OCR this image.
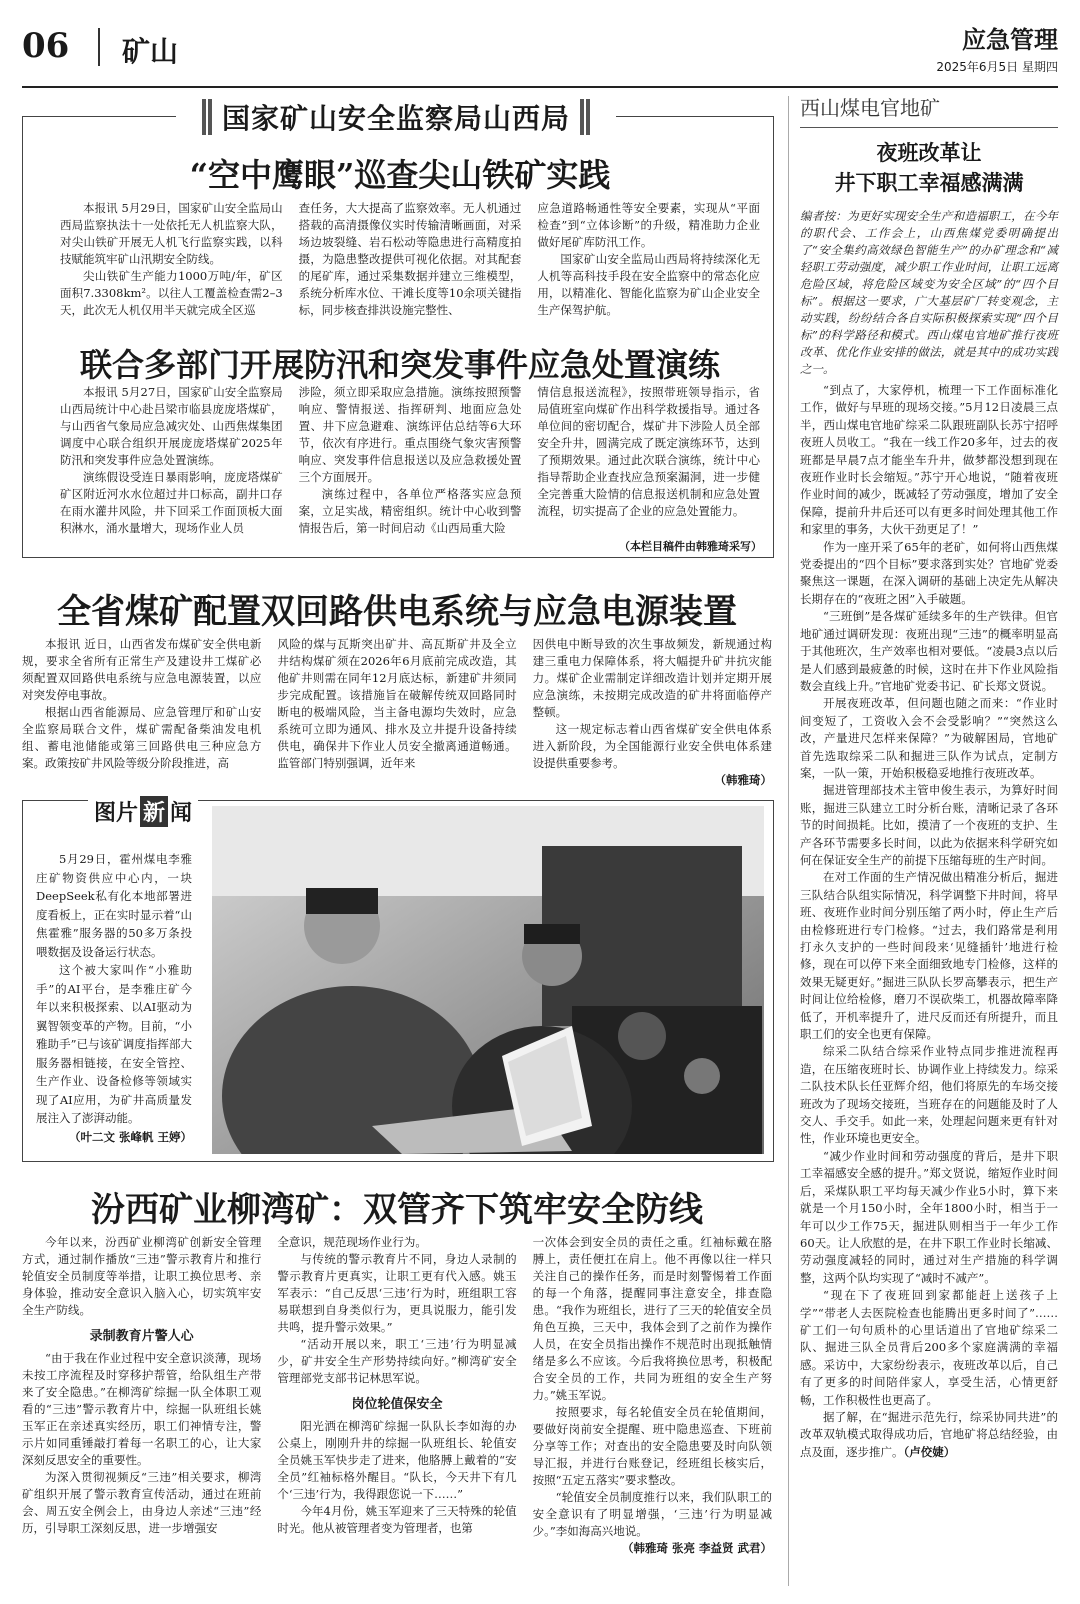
06 矿山	应急管理
2025年6月5日 星期四
国家矿山安全监察局山西局
“空中鹰眼”巡查尖山铁矿实践

本报讯 5月29日，国家矿山安全监局山西局监察执法十一处依托无人机监察大队，对尖山铁矿开展无人机飞行监察实践，以科技赋能筑牢矿山汛期安全防线。

尖山铁矿生产能力1000万吨/年，矿区面积7.3308km²。以往人工覆盖检查需2–3天，此次无人机仅用半天就完成全区巡

查任务，大大提高了监察效率。无人机通过搭载的高清摄像仪实时传输清晰画面，对采场边坡裂缝、岩石松动等隐患进行高精度拍摄，为隐患整改提供可视化依据。对其配套的尾矿库，通过采集数据并建立三维模型，系统分析库水位、干滩长度等10余项关键指标，同步核查排洪设施完整性、

应急道路畅通性等安全要素，实现从“平面检查”到“立体诊断”的升级，精准助力企业做好尾矿库防汛工作。

国家矿山安全监局山西局将持续深化无人机等高科技手段在安全监察中的常态化应用，以精准化、智能化监察为矿山企业安全生产保驾护航。

联合多部门开展防汛和突发事件应急处置演练

本报讯 5月27日，国家矿山安全监察局山西局统计中心赴吕梁市临县庞庞塔煤矿，与山西省气象局应急减灾处、山西焦煤集团调度中心联合组织开展庞庞塔煤矿2025年防汛和突发事件应急处置演练。

演练假设受连日暴雨影响，庞庞塔煤矿矿区附近河水水位超过井口标高，副井口存在雨水灌井风险，井下回采工作面顶板大面积淋水，涌水量增大，现场作业人员

涉险，须立即采取应急措施。演练按照预警响应、警情报送、指挥研判、地面应急处置、井下应急避难、演练评估总结等6大环节，依次有序进行。重点围绕气象灾害预警响应、突发事件信息报送以及应急救援处置三个方面展开。

演练过程中，各单位严格落实应急预案，立足实战，精密组织。统计中心收到警情报告后，第一时间启动《山西局重大险

情信息报送流程》，按照带班领导指示，省局值班室向煤矿作出科学救援指导。通过各单位间的密切配合，煤矿井下涉险人员全部安全升井，圆满完成了既定演练环节，达到了预期效果。通过此次联合演练，统计中心指导帮助企业查找应急预案漏洞，进一步健全完善重大险情的信息报送机制和应急处置流程，切实提高了企业的应急处置能力。

（本栏目稿件由韩雅琦采写）
全省煤矿配置双回路供电系统与应急电源装置

本报讯 近日，山西省发布煤矿安全供电新规，要求全省所有正常生产及建设井工煤矿必须配置双回路供电系统与应急电源装置，以应对突发停电事故。

根据山西省能源局、应急管理厅和矿山安全监察局联合文件，煤矿需配备柴油发电机组、蓄电池储能或第三回路供电三种应急方案。政策按矿井风险等级分阶段推进，高

风险的煤与瓦斯突出矿井、高瓦斯矿井及全立井结构煤矿须在2026年6月底前完成改造，其他矿井则需在同年12月底达标，新建矿井须同步完成配置。该措施旨在破解传统双回路同时断电的极端风险，当主备电源均失效时，应急系统可立即为通风、排水及立井提升设备持续供电，确保井下作业人员安全撤离通道畅通。监管部门特别强调，近年来

因供电中断导致的次生事故频发，新规通过构建三重电力保障体系，将大幅提升矿井抗灾能力。煤矿企业需制定详细改造计划并定期开展应急演练，未按期完成改造的矿井将面临停产整顿。

这一规定标志着山西省煤矿安全供电体系进入新阶段，为全国能源行业安全供电体系建设提供重要参考。

（韩雅琦）

图片 新 闻

5月29日，霍州煤电李雅庄矿物资供应中心内，一块DeepSeek私有化本地部署进度看板上，正在实时显示着“山焦霍雅”服务器的50多万条投喂数据及设备运行状态。

这个被大家叫作“小雅助手”的AI平台，是李雅庄矿今年以来积极探索、以AI驱动为翼智领变革的产物。目前，“小雅助手”已与该矿调度指挥部大服务器相链接，在安全管控、生产作业、设备检修等领域实现了AI应用，为矿井高质量发展注入了澎湃动能。

（叶二文 张峰帆 王婷）

汾西矿业柳湾矿：双管齐下筑牢安全防线

今年以来，汾西矿业柳湾矿创新安全管理方式，通过制作播放“三违”警示教育片和推行轮值安全员制度等举措，让职工换位思考、亲身体验，推动安全意识入脑入心，切实筑牢安全生产防线。

录制教育片警人心

“由于我在作业过程中安全意识淡薄，现场未按工序流程及时穿移护帮管，给队组生产带来了安全隐患。”在柳湾矿综掘一队全体职工观看的“三违”警示教育片中，综掘一队班组长姚玉军正在亲述真实经历，职工们神情专注，警示片如同重锤敲打着每一名职工的心，让大家深刻反思安全的重要性。

为深入贯彻视频反“三违”相关要求，柳湾矿组织开展了警示教育宣传活动，通过在班前会、周五安全例会上，由身边人亲述“三违”经历，引导职工深刻反思，进一步增强安

全意识，规范现场作业行为。

与传统的警示教育片不同，身边人录制的警示教育片更真实，让职工更有代入感。姚玉军表示：“自己反思‘三违’行为时，班组职工容易联想到自身类似行为，更具说服力，能引发共鸣，提升警示效果。”

“活动开展以来，职工‘三违’行为明显减少，矿井安全生产形势持续向好。”柳湾矿安全管理部党支部书记林思军说。

岗位轮值保安全

阳光洒在柳湾矿综掘一队队长李如海的办公桌上，刚刚升井的综掘一队班组长、轮值安全员姚玉军快步走了进来，他胳膊上戴着的“安全员”红袖标格外醒目。“队长，今天井下有几个‘三违’行为，我得跟您说一下……”

今年4月份，姚玉军迎来了三天特殊的轮值时光。他从被管理者变为管理者，也第

一次体会到安全员的责任之重。红袖标戴在胳膊上，责任便扛在肩上。他不再像以往一样只关注自己的操作任务，而是时刻警惕着工作面的每一个角落，提醒同事注意安全，排查隐患。“我作为班组长，进行了三天的轮值安全员角色互换，三天中，我体会到了之前作为操作人员，在安全员指出操作不规范时出现抵触情绪是多么不应该。今后我将换位思考，积极配合安全员的工作，共同为班组的安全生产努力。”姚玉军说。

按照要求，每名轮值安全员在轮值期间，要做好岗前安全提醒、班中隐患巡查、下班前分享等工作；对查出的安全隐患要及时向队领导汇报，并进行台账登记，经班组长核实后，按照“五定五落实”要求整改。

“轮值安全员制度推行以来，我们队职工的安全意识有了明显增强，‘三违’行为明显减少。”李如海高兴地说。

（韩雅琦 张亮 李益贤 武君）

西山煤电官地矿
夜班改革让
井下职工幸福感满满
编者按：为更好实现安全生产和造福职工，在今年的职代会、工作会上，山西焦煤党委明确提出了“安全集约高效绿色智能生产”的办矿理念和“减轻职工劳动强度，减少职工作业时间，让职工远离危险区域，将危险区域变为安全区域”的“四个目标”。根据这一要求，广大基层矿厂转变观念，主动实践，纷纷结合各自实际积极探索实现“四个目标”的科学路径和模式。西山煤电官地矿推行夜班改革、优化作业安排的做法，就是其中的成功实践之一。

“到点了，大家停机，梳理一下工作面标准化工作，做好与早班的现场交接。”5月12日凌晨三点半，西山煤电官地矿综采二队跟班副队长苏宁招呼夜班人员收工。“我在一线工作20多年，过去的夜班都是早晨7点才能坐车升井，做梦都没想到现在夜班作业时长会缩短。”苏宁开心地说，“随着夜班作业时间的减少，既减轻了劳动强度，增加了安全保障，提前升井后还可以有更多时间处理其他工作和家里的事务，大伙干劲更足了！”

作为一座开采了65年的老矿，如何将山西焦煤党委提出的“四个目标”要求落到实处？官地矿党委聚焦这一课题，在深入调研的基础上决定先从解决长期存在的“夜班之困”入手破题。

“三班倒”是各煤矿延续多年的生产铁律。但官地矿通过调研发现：夜班出现“三违”的概率明显高于其他班次，生产效率也相对要低。“凌晨3点以后是人们感到最疲惫的时候，这时在井下作业风险指数会直线上升。”官地矿党委书记、矿长郑文贤说。

开展夜班改革，但问题也随之而来：“作业时间变短了，工资收入会不会受影响？”“突然这么改，产量进尺怎样来保障？”为破解困局，官地矿首先选取综采二队和掘进三队作为试点，定制方案，一队一策，开始积极稳妥地推行夜班改革。

掘进管理部技术主管申俊生表示，为算好时间账，掘进三队建立工时分析台账，清晰记录了各环节的时间损耗。比如，摸清了一个夜班的支护、生产各环节需要多长时间，以此为依据来科学研究如何在保证安全生产的前提下压缩每班的生产时间。

在对工作面的生产情况做出精准分析后，掘进三队结合队组实际情况，科学调整下井时间，将早班、夜班作业时间分别压缩了两小时，停止生产后由检修班进行专门检修。“过去，我们路常是利用打永久支护的一些时间段来‘见缝插针’地进行检修，现在可以停下来全面细致地专门检修，这样的效果无疑更好。”掘进三队队长罗高攀表示，把生产时间让位给检修，磨刀不误砍柴工，机器故障率降低了，开机率提升了，进尺反而还有所提升，而且职工们的安全也更有保障。

综采二队结合综采作业特点同步推进流程再造，在压缩夜班时长、协调作业上持续发力。综采二队技术队长任亚辉介绍，他们将原先的车场交接班改为了现场交接班，当班存在的问题能及时了人交人、手交手。如此一来，处理起问题来更有针对性，作业环境也更安全。

“减少作业时间和劳动强度的背后，是井下职工幸福感安全感的提升。”郑文贤说，缩短作业时间后，采煤队职工平均每天减少作业5小时，算下来就是一个月150小时，全年1800小时，相当于一年可以少工作75天，掘进队则相当于一年少工作60天。让人欣慰的是，在井下职工作业时长缩减、劳动强度减轻的同时，通过对生产措施的科学调整，这两个队均实现了“减时不减产”。

“现在下了夜班回到家都能赶上送孩子上学”“带老人去医院检查也能腾出更多时间了”……矿工们一句句质朴的心里话道出了官地矿综采二队、掘进三队全员背后200多个家庭满满的幸福感。采访中，大家纷纷表示，夜班改革以后，自己有了更多的时间陪伴家人，享受生活，心情更舒畅，工作积极性也更高了。

据了解，在“掘进示范先行，综采协同共进”的改革双轨模式取得成功后，官地矿将总结经验，由点及面，逐步推广。（卢佼婕）
